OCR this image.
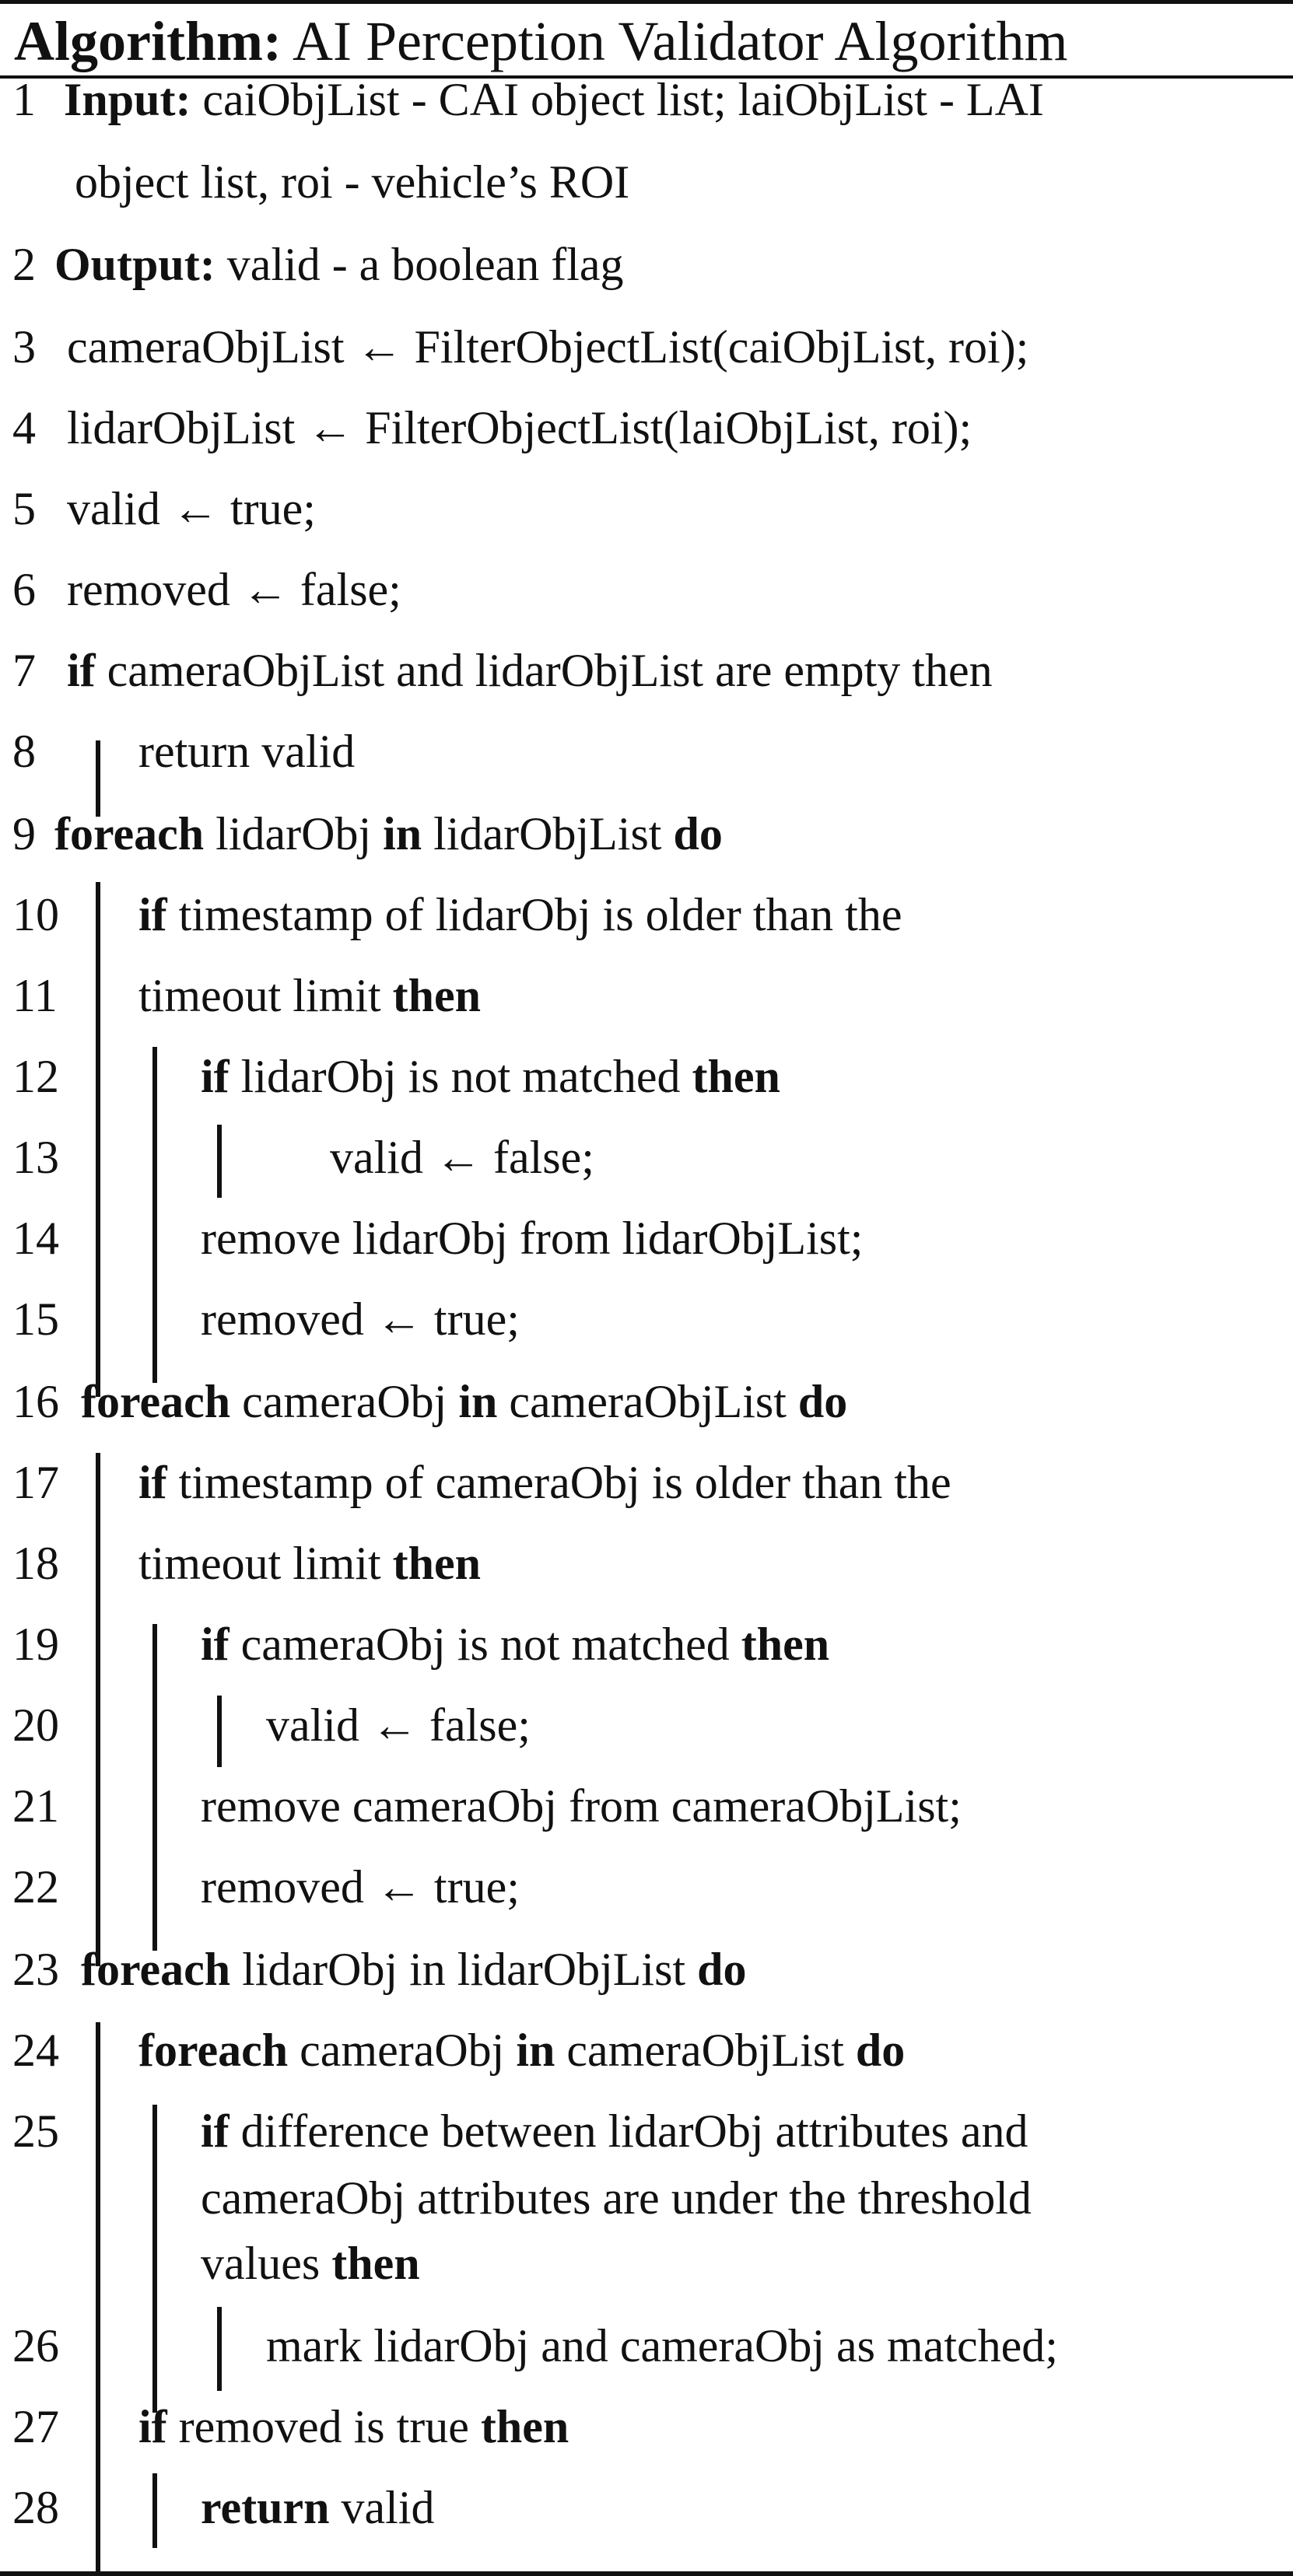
Algorithm: AI Perception Validator Algorithm
1 Input: caiObjList - CAI object list; laiObjList - LAI
object list, roi - vehicle’s ROI
2 Output: valid - a boolean flag
3 cameraObjList ← FilterObjectList(caiObjList, roi);
4 lidarObjList ← FilterObjectList(laiObjList, roi);
5 valid ← true;
6 removed ← false;
7 if cameraObjList and lidarObjList are empty then
8 return valid
9 foreach lidarObj in lidarObjList do
10 if timestamp of lidarObj is older than the
11 timeout limit then
12	if lidarObj is not matched then
13	valid ← false;
14	remove lidarObj from lidarObjList;
15	removed ← true;
16 foreach cameraObj in cameraObjList do
17 if timestamp of cameraObj is older than the
18 timeout limit then
19	if cameraObj is not matched then
20	valid ← false;
21	remove cameraObj from cameraObjList;
22	removed ← true;
23 foreach lidarObj in lidarObjList do
24 foreach cameraObj in cameraObjList do
25	if difference between lidarObj attributes and
cameraObj attributes are under the threshold
values then
26	mark lidarObj and cameraObj as matched;
27 if removed is true then
28	return valid
